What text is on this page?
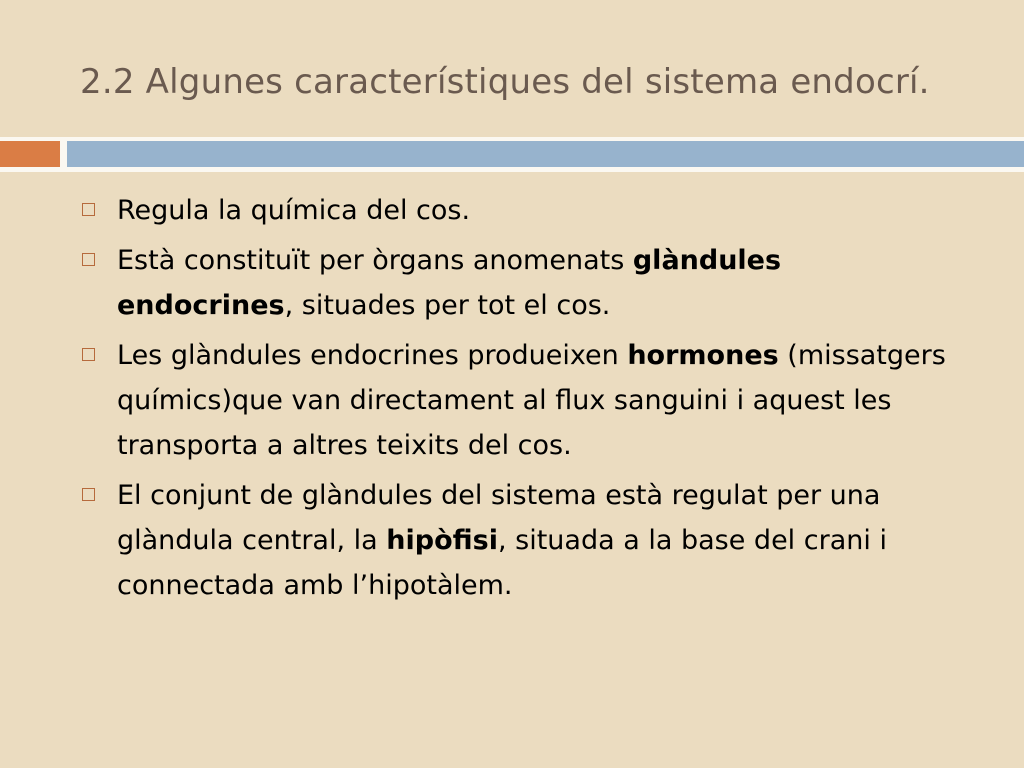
2.2 Algunes característiques del sistema endocrí.
Regula la química del cos.
Està constituït per òrgans anomenats glàndules endocrines, situades per tot el cos.
Les glàndules endocrines produeixen hormones (missatgers químics)que van directament al flux sanguini i aquest les transporta a altres teixits del cos.
El conjunt de glàndules del sistema està regulat per una glàndula central, la hipòfisi, situada a la base del crani i connectada amb l’hipotàlem.
